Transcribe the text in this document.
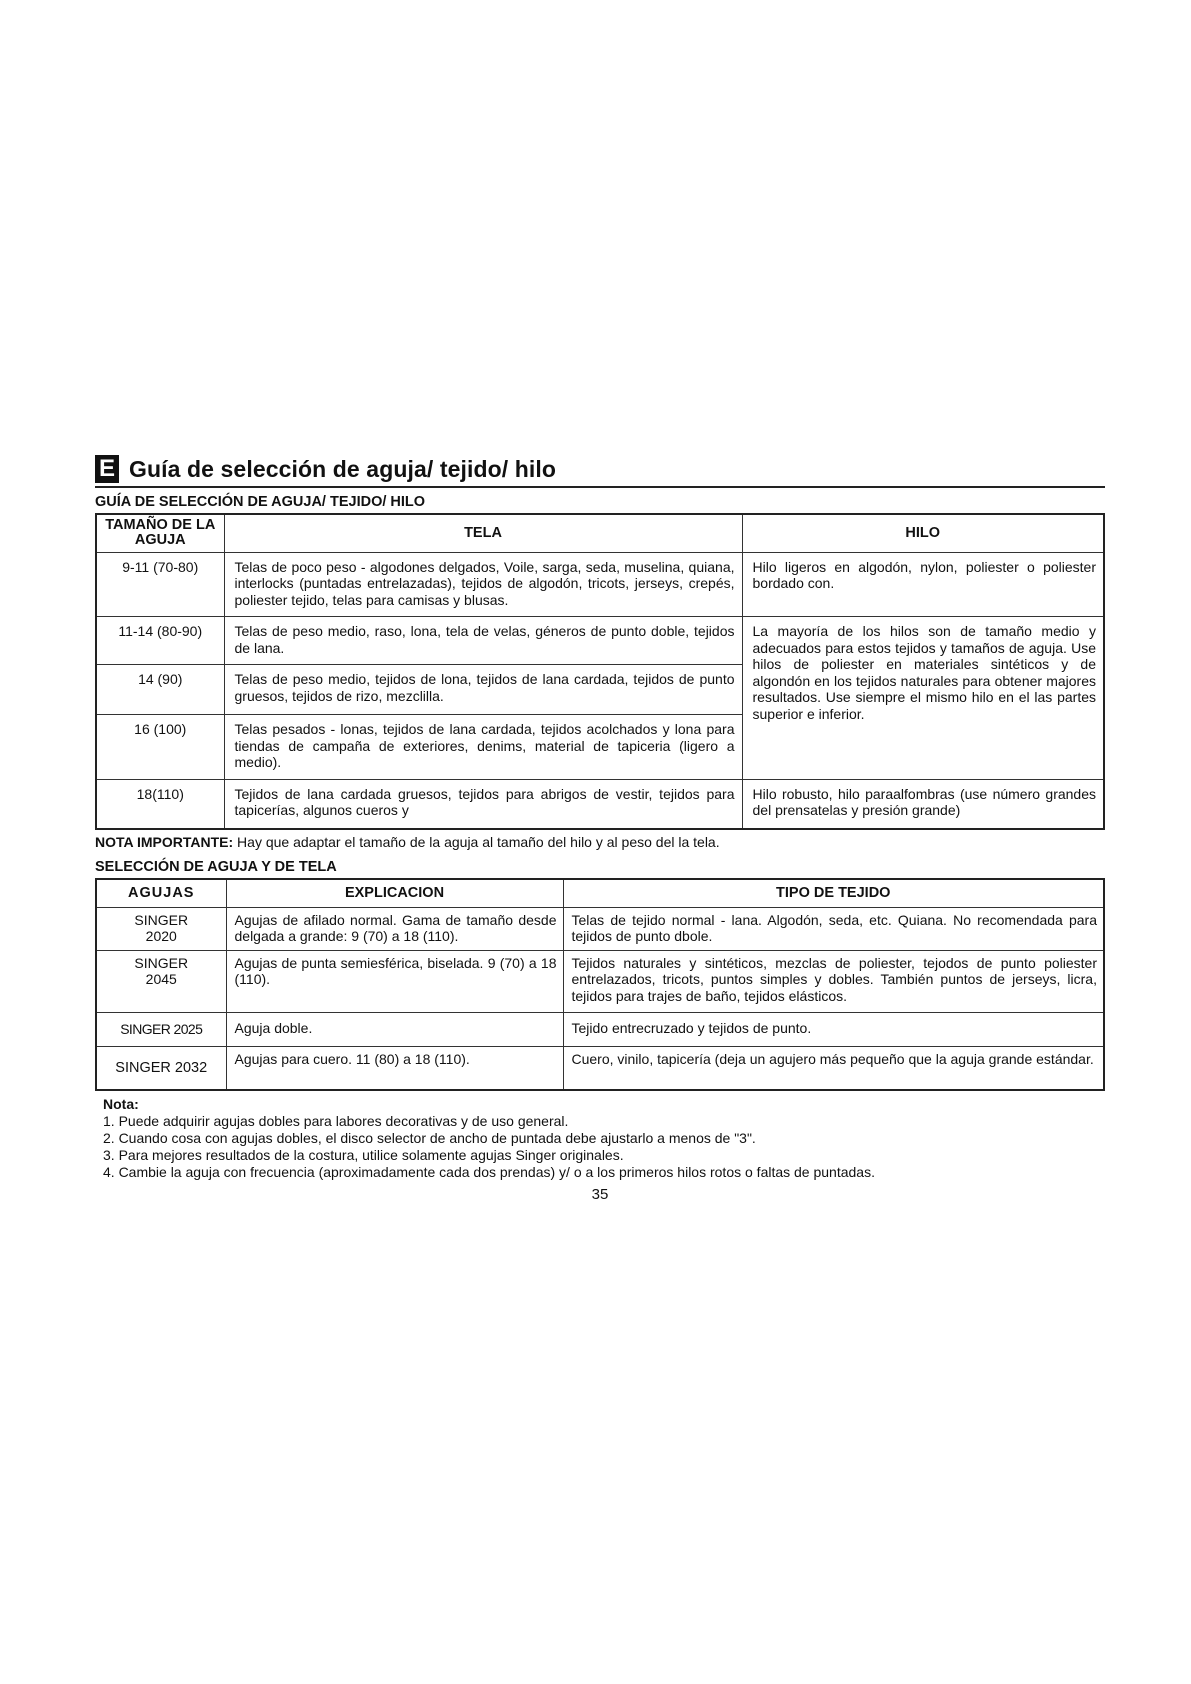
E Guía de selección de aguja/ tejido/ hilo
GUÍA DE SELECCIÓN DE AGUJA/ TEJIDO/ HILO
TAMAÑO DE LA AGUJA	TELA	HILO
9-11 (70-80)	Telas de poco peso - algodones delgados, Voile, sarga, seda, muselina, quiana, interlocks (puntadas entrelazadas), tejidos de algodón, tricots, jerseys, crepés, poliester tejido, telas para camisas y blusas.	Hilo ligeros en algodón, nylon, poliester o poliester bordado con.
11-14 (80-90)	Telas de peso medio, raso, lona, tela de velas, géneros de punto doble, tejidos de lana.	La mayoría de los hilos son de tamaño medio y adecuados para estos tejidos y tamaños de aguja. Use hilos de poliester en materiales sintéticos y de algondón en los tejidos naturales para obtener majores resultados. Use siempre el mismo hilo en el las partes superior e inferior.
14 (90)	Telas de peso medio, tejidos de lona, tejidos de lana cardada, tejidos de punto gruesos, tejidos de rizo, mezclilla.	
16 (100)	Telas pesados - lonas, tejidos de lana cardada, tejidos acolchados y lona para tiendas de campaña de exteriores, denims, material de tapiceria (ligero a medio).	
18(110)	Tejidos de lana cardada gruesos, tejidos para abrigos de vestir, tejidos para tapicerías, algunos cueros y	Hilo robusto, hilo paraalfombras (use número grandes del prensatelas y presión grande)
NOTA IMPORTANTE: Hay que adaptar el tamaño de la aguja al tamaño del hilo y al peso del la tela.
SELECCIÓN DE AGUJA Y DE TELA
AGUJAS	EXPLICACION	TIPO DE TEJIDO
SINGER 2020	Agujas de afilado normal. Gama de tamaño desde delgada a grande: 9 (70) a 18 (110).	Telas de tejido normal - lana. Algodón, seda, etc. Quiana. No recomendada para tejidos de punto dbole.
SINGER 2045	Agujas de punta semiesférica, biselada. 9 (70) a 18 (110).	Tejidos naturales y sintéticos, mezclas de poliester, tejodos de punto poliester entrelazados, tricots, puntos simples y dobles. También puntos de jerseys, licra, tejidos para trajes de baño, tejidos elásticos.
SINGER 2025	Aguja doble.	Tejido entrecruzado y tejidos de punto.
SINGER 2032	Agujas para cuero. 11 (80) a 18 (110).	Cuero, vinilo, tapicería (deja un agujero más pequeño que la aguja grande estándar.
Nota:
1. Puede adquirir agujas dobles para labores decorativas y de uso general.
2. Cuando cosa con agujas dobles, el disco selector de ancho de puntada debe ajustarlo a menos de "3".
3. Para mejores resultados de la costura, utilice solamente agujas Singer originales.
4. Cambie la aguja con frecuencia (aproximadamente cada dos prendas) y/ o a los primeros hilos rotos o faltas de puntadas.
35
